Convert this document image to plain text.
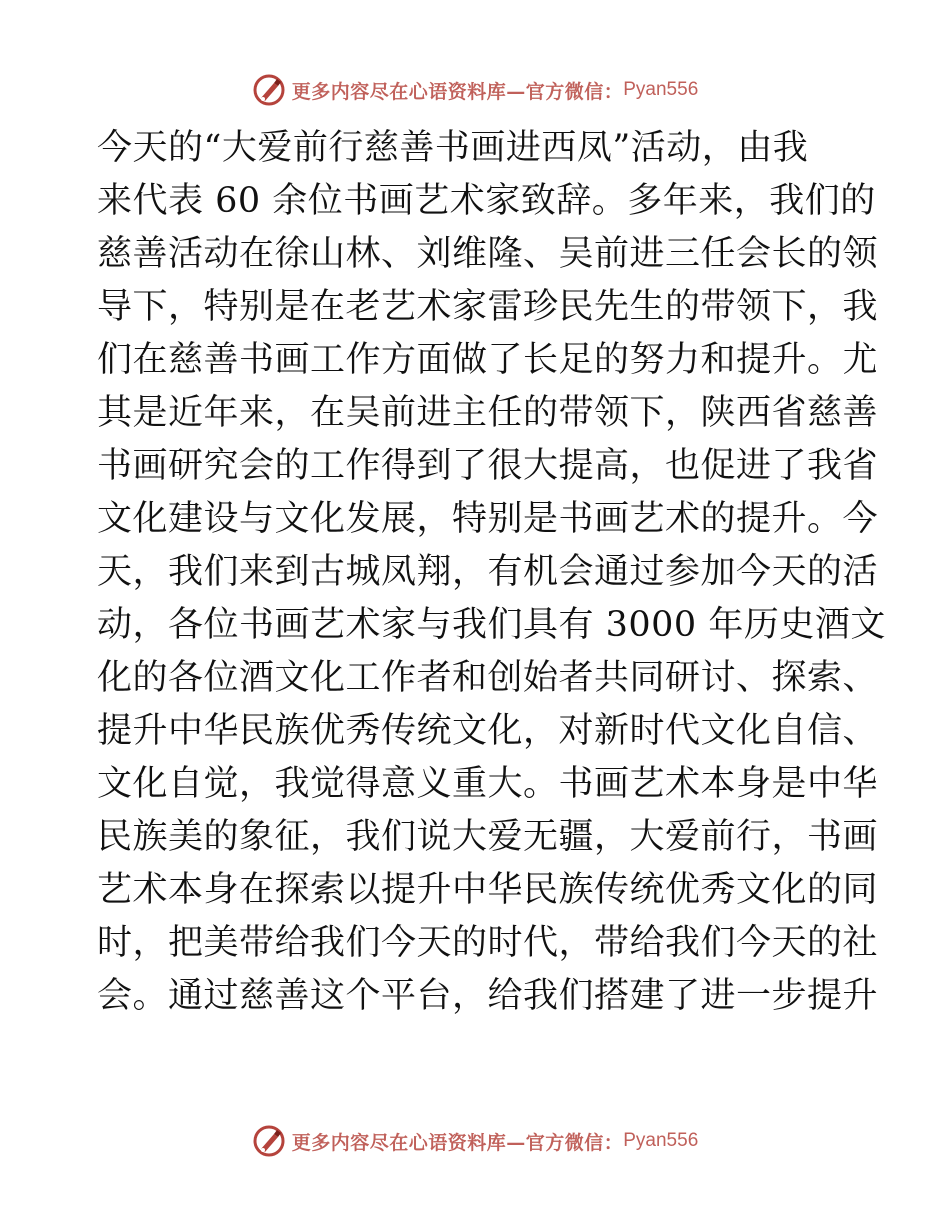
更多内容尽在心语资料库—官方微信： Pyan556
今天的“大爱前行慈善书画进西凤”活动，由我
来代表 60 余位书画艺术家致辞。多年来，我们的
慈善活动在徐山林、刘维隆、吴前进三任会长的领
导下，特别是在老艺术家雷珍民先生的带领下，我
们在慈善书画工作方面做了长足的努力和提升。尤
其是近年来，在吴前进主任的带领下，陕西省慈善
书画研究会的工作得到了很大提高，也促进了我省
文化建设与文化发展，特别是书画艺术的提升。今
天，我们来到古城凤翔，有机会通过参加今天的活
动，各位书画艺术家与我们具有 3000 年历史酒文
化的各位酒文化工作者和创始者共同研讨、探索、
提升中华民族优秀传统文化，对新时代文化自信、
文化自觉，我觉得意义重大。书画艺术本身是中华
民族美的象征，我们说大爱无疆，大爱前行，书画
艺术本身在探索以提升中华民族传统优秀文化的同
时，把美带给我们今天的时代，带给我们今天的社
会。通过慈善这个平台，给我们搭建了进一步提升
更多内容尽在心语资料库—官方微信： Pyan556
